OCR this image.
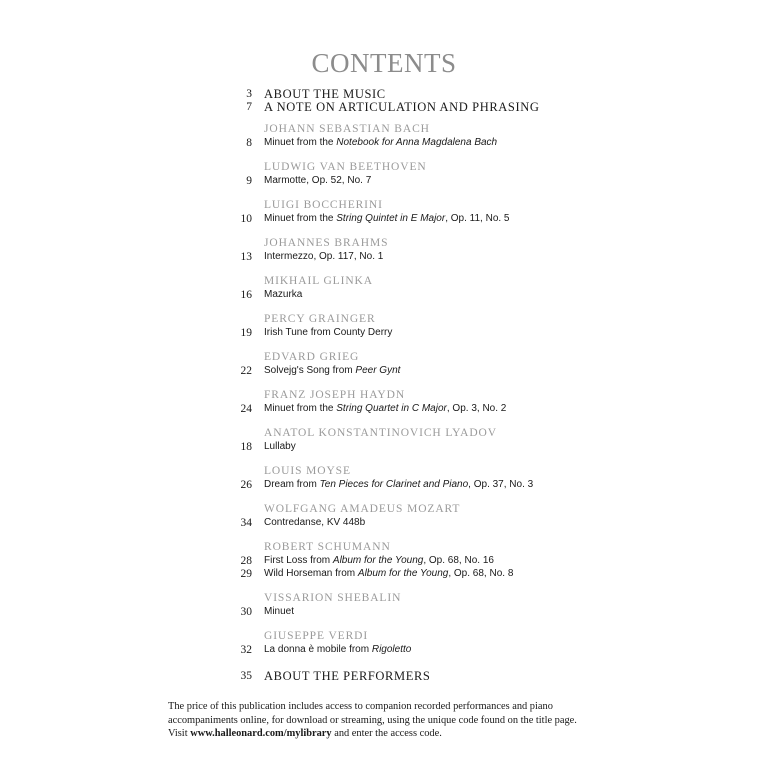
CONTENTS
3 ABOUT THE MUSIC
7 A NOTE ON ARTICULATION AND PHRASING
JOHANN SEBASTIAN BACH
8 Minuet from the Notebook for Anna Magdalena Bach
LUDWIG VAN BEETHOVEN
9 Marmotte, Op. 52, No. 7
LUIGI BOCCHERINI
10 Minuet from the String Quintet in E Major, Op. 11, No. 5
JOHANNES BRAHMS
13 Intermezzo, Op. 117, No. 1
MIKHAIL GLINKA
16 Mazurka
PERCY GRAINGER
19 Irish Tune from County Derry
EDVARD GRIEG
22 Solvejg's Song from Peer Gynt
FRANZ JOSEPH HAYDN
24 Minuet from the String Quartet in C Major, Op. 3, No. 2
ANATOL KONSTANTINOVICH LYADOV
18 Lullaby
LOUIS MOYSE
26 Dream from Ten Pieces for Clarinet and Piano, Op. 37, No. 3
WOLFGANG AMADEUS MOZART
34 Contredanse, KV 448b
ROBERT SCHUMANN
28 First Loss from Album for the Young, Op. 68, No. 16
29 Wild Horseman from Album for the Young, Op. 68, No. 8
VISSARION SHEBALIN
30 Minuet
GIUSEPPE VERDI
32 La donna è mobile from Rigoletto
35 ABOUT THE PERFORMERS

The price of this publication includes access to companion recorded performances and piano

accompaniments online, for download or streaming, using the unique code found on the title page.

Visit www.halleonard.com/mylibrary and enter the access code.
